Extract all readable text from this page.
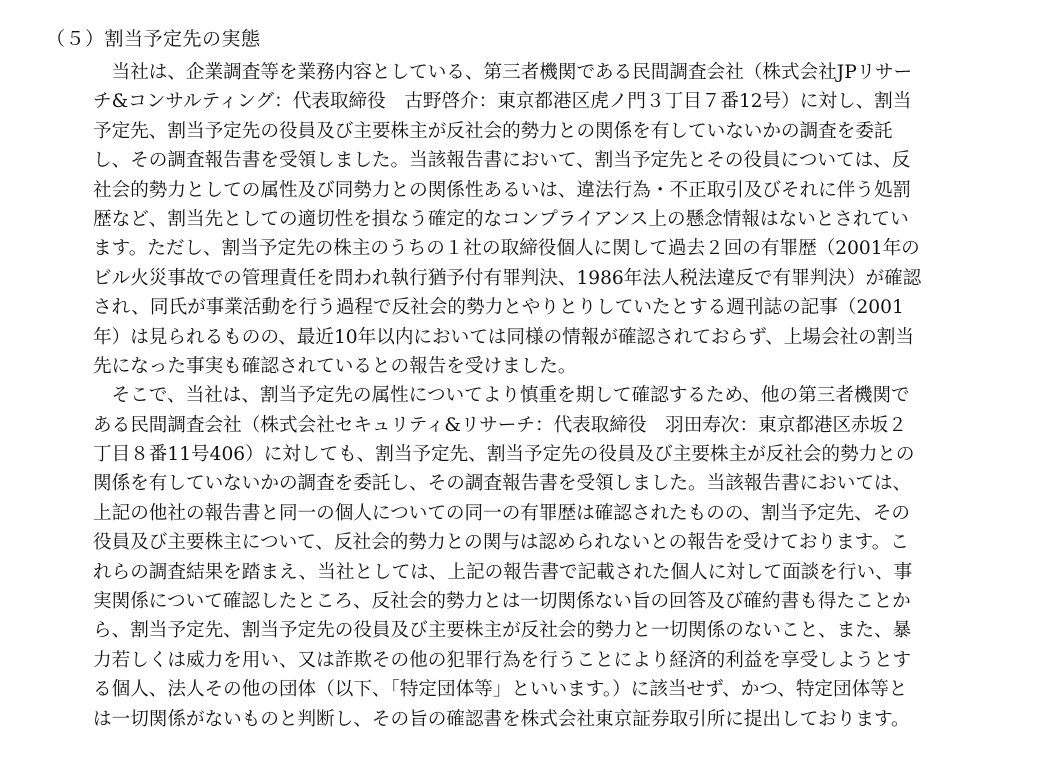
（５）割当予定先の実態
　当社は、企業調査等を業務内容としている、第三者機関である民間調査会社（株式会社JPリサー
チ&コンサルティング：代表取締役　古野啓介：東京都港区虎ノ門３丁目７番12号）に対し、割当
予定先、割当予定先の役員及び主要株主が反社会的勢力との関係を有していないかの調査を委託
し、その調査報告書を受領しました。当該報告書において、割当予定先とその役員については、反
社会的勢力としての属性及び同勢力との関係性あるいは、違法行為・不正取引及びそれに伴う処罰
歴など、割当先としての適切性を損なう確定的なコンプライアンス上の懸念情報はないとされてい
ます。ただし、割当予定先の株主のうちの１社の取締役個人に関して過去２回の有罪歴（2001年の
ビル火災事故での管理責任を問われ執行猶予付有罪判決、1986年法人税法違反で有罪判決）が確認
され、同氏が事業活動を行う過程で反社会的勢力とやりとりしていたとする週刊誌の記事（2001
年）は見られるものの、最近10年以内においては同様の情報が確認されておらず、上場会社の割当
先になった事実も確認されているとの報告を受けました。
　そこで、当社は、割当予定先の属性についてより慎重を期して確認するため、他の第三者機関で
ある民間調査会社（株式会社セキュリティ&リサーチ：代表取締役　羽田寿次：東京都港区赤坂２
丁目８番11号406）に対しても、割当予定先、割当予定先の役員及び主要株主が反社会的勢力との
関係を有していないかの調査を委託し、その調査報告書を受領しました。当該報告書においては、
上記の他社の報告書と同一の個人についての同一の有罪歴は確認されたものの、割当予定先、その
役員及び主要株主について、反社会的勢力との関与は認められないとの報告を受けております。こ
れらの調査結果を踏まえ、当社としては、上記の報告書で記載された個人に対して面談を行い、事
実関係について確認したところ、反社会的勢力とは一切関係ない旨の回答及び確約書も得たことか
ら、割当予定先、割当予定先の役員及び主要株主が反社会的勢力と一切関係のないこと、また、暴
力若しくは威力を用い、又は詐欺その他の犯罪行為を行うことにより経済的利益を享受しようとす
る個人、法人その他の団体（以下、「特定団体等」といいます。）に該当せず、かつ、特定団体等と
は一切関係がないものと判断し、その旨の確認書を株式会社東京証券取引所に提出しております。
